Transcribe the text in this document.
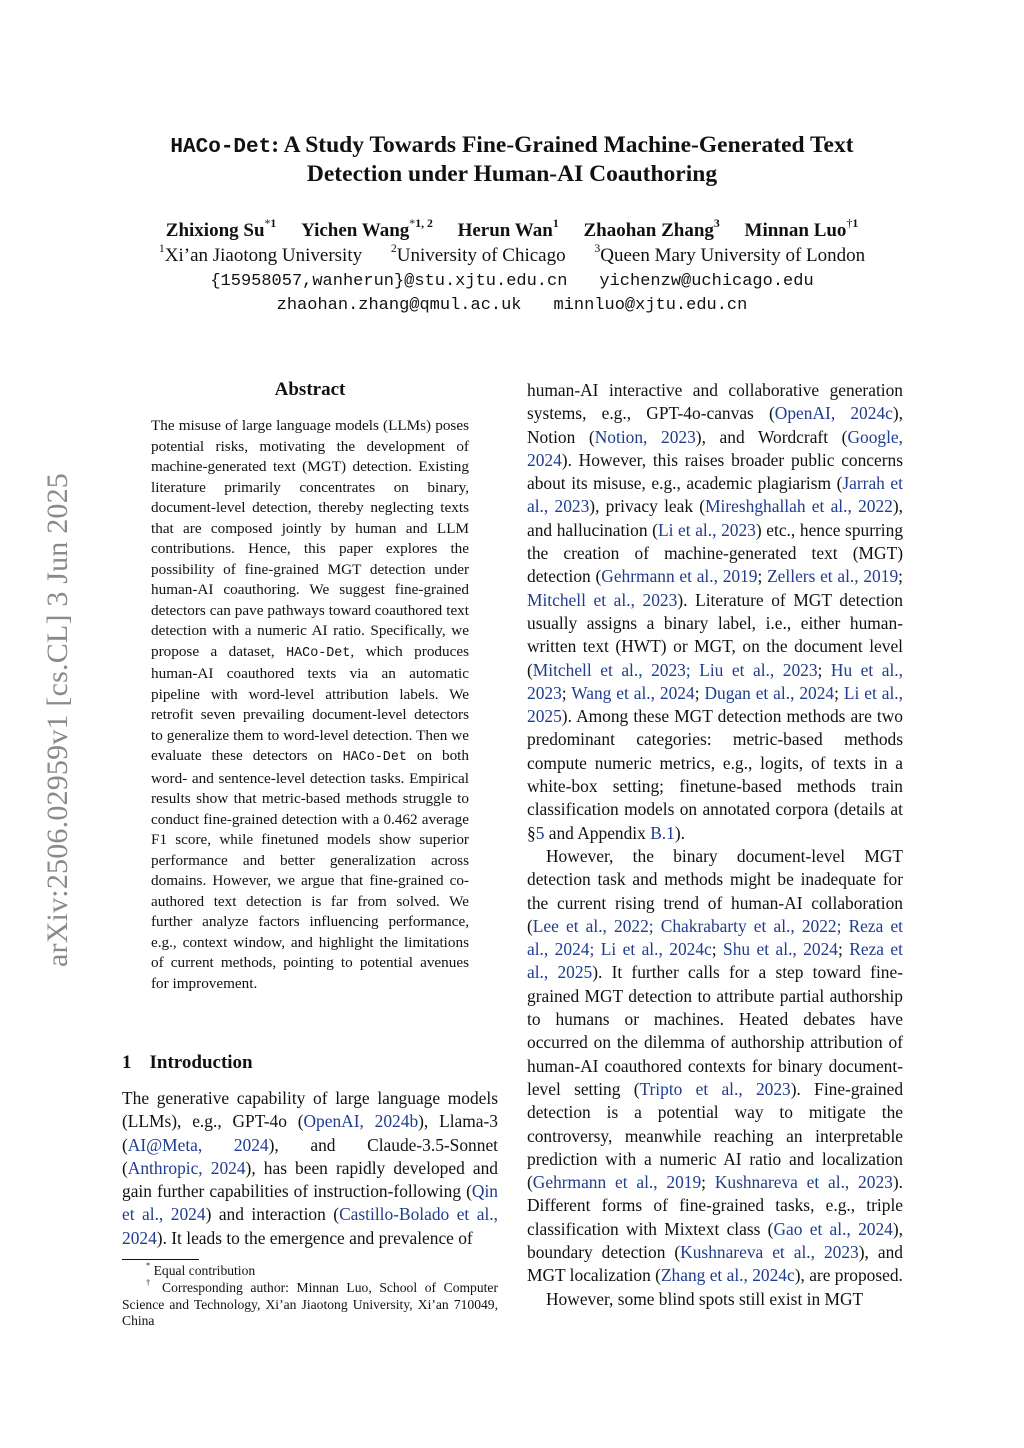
arXiv:2506.02959v1 [cs.CL] 3 Jun 2025
HACo-Det: A Study Towards Fine-Grained Machine-Generated Text
Detection under Human-AI Coauthoring
Zhixiong Su$^{*1}$ Yichen Wang$^{*1, 2}$ Herun Wan$^1$ Zhaohan Zhang$^3$ Minnan Luo$^{\dagger 1}$
$^1$Xi’an Jiaotong University $^2$University of Chicago $^3$Queen Mary University of London
{15958057,wanherun}@stu.xjtu.edu.cn yichenzw@uchicago.edu
zhaohan.zhang@qmul.ac.uk minnluo@xjtu.edu.cn
Abstract
The misuse of large language models (LLMs) poses potential risks, motivating the development of machine-generated text (MGT) detection. Existing literature primarily concentrates on binary, document-level detection, thereby neglecting texts that are composed jointly by human and LLM contributions. Hence, this paper explores the possibility of fine-grained MGT detection under human-AI coauthoring. We suggest fine-grained detectors can pave pathways toward coauthored text detection with a numeric AI ratio. Specifically, we propose a dataset, HACo-Det, which produces human-AI coauthored texts via an automatic pipeline with word-level attribution labels. We retrofit seven prevailing document-level detectors to generalize them to word-level detection. Then we evaluate these detectors on HACo-Det on both word- and sentence-level detection tasks. Empirical results show that metric-based methods struggle to conduct fine-grained detection with a 0.462 average F1 score, while finetuned models show superior performance and better generalization across domains. However, we argue that fine-grained co-authored text detection is far from solved. We further analyze factors influencing performance, e.g., context window, and highlight the limitations of current methods, pointing to potential avenues for improvement.
1 Introduction

The generative capability of large language models (LLMs), e.g., GPT-4o (OpenAI, 2024b), Llama-3 (AI@Meta, 2024), and Claude-3.5-Sonnet (Anthropic, 2024), has been rapidly developed and gain further capabilities of instruction-following (Qin et al., 2024) and interaction (Castillo-Bolado et al., 2024). It leads to the emergence and prevalence of

* Equal contribution

† Corresponding author: Minnan Luo, School of Computer Science and Technology, Xi’an Jiaotong University, Xi’an 710049, China

human-AI interactive and collaborative generation systems, e.g., GPT-4o-canvas (OpenAI, 2024c), Notion (Notion, 2023), and Wordcraft (Google, 2024). However, this raises broader public concerns about its misuse, e.g., academic plagiarism (Jarrah et al., 2023), privacy leak (Mireshghallah et al., 2022), and hallucination (Li et al., 2023) etc., hence spurring the creation of machine-generated text (MGT) detection (Gehrmann et al., 2019; Zellers et al., 2019; Mitchell et al., 2023). Literature of MGT detection usually assigns a binary label, i.e., either human-written text (HWT) or MGT, on the document level (Mitchell et al., 2023; Liu et al., 2023; Hu et al., 2023; Wang et al., 2024; Dugan et al., 2024; Li et al., 2025). Among these MGT detection methods are two predominant categories: metric-based methods compute numeric metrics, e.g., logits, of texts in a white-box setting; finetune-based methods train classification models on annotated corpora (details at §5 and Appendix B.1).

However, the binary document-level MGT detection task and methods might be inadequate for the current rising trend of human-AI collaboration (Lee et al., 2022; Chakrabarty et al., 2022; Reza et al., 2024; Li et al., 2024c; Shu et al., 2024; Reza et al., 2025). It further calls for a step toward fine-grained MGT detection to attribute partial authorship to humans or machines. Heated debates have occurred on the dilemma of authorship attribution of human-AI coauthored contexts for binary document-level setting (Tripto et al., 2023). Fine-grained detection is a potential way to mitigate the controversy, meanwhile reaching an interpretable prediction with a numeric AI ratio and localization (Gehrmann et al., 2019; Kushnareva et al., 2023). Different forms of fine-grained tasks, e.g., triple classification with Mixtext class (Gao et al., 2024), boundary detection (Kushnareva et al., 2023), and MGT localization (Zhang et al., 2024c), are proposed.

However, some blind spots still exist in MGT
